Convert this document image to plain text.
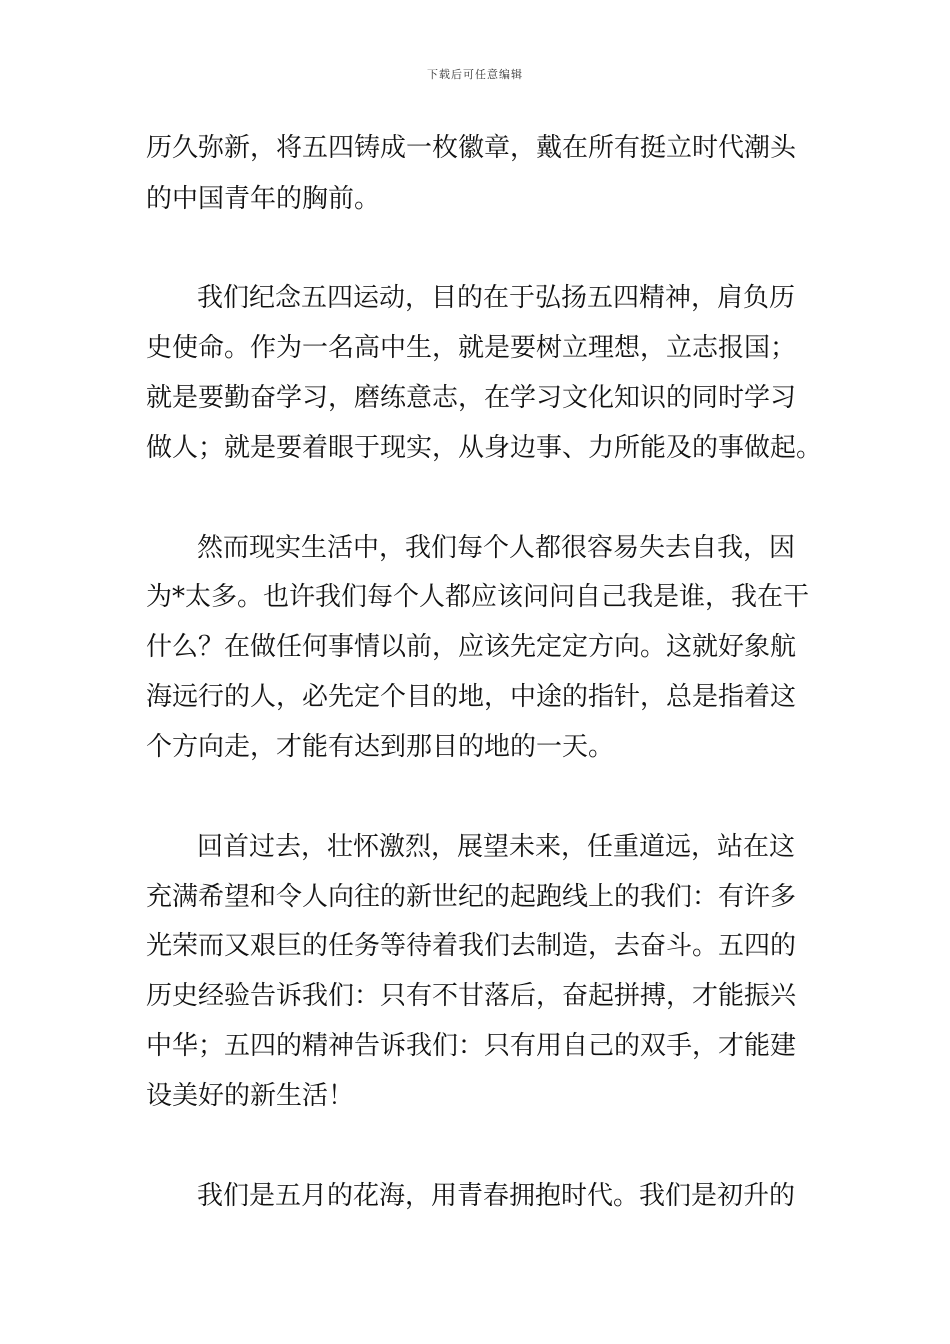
下载后可任意编辑
历久弥新，将五四铸成一枚徽章，戴在所有挺立时代潮头
的中国青年的胸前。
我们纪念五四运动，目的在于弘扬五四精神，肩负历
史使命。作为一名高中生，就是要树立理想，立志报国；
就是要勤奋学习，磨练意志，在学习文化知识的同时学习
做人；就是要着眼于现实，从身边事、力所能及的事做起。
然而现实生活中，我们每个人都很容易失去自我，因
为*太多。也许我们每个人都应该问问自己我是谁，我在干
什么？在做任何事情以前，应该先定定方向。这就好象航
海远行的人，必先定个目的地，中途的指针，总是指着这
个方向走，才能有达到那目的地的一天。
回首过去，壮怀激烈，展望未来，任重道远，站在这
充满希望和令人向往的新世纪的起跑线上的我们：有许多
光荣而又艰巨的任务等待着我们去制造，去奋斗。五四的
历史经验告诉我们：只有不甘落后，奋起拼搏，才能振兴
中华；五四的精神告诉我们：只有用自己的双手，才能建
设美好的新生活！
我们是五月的花海，用青春拥抱时代。我们是初升的
